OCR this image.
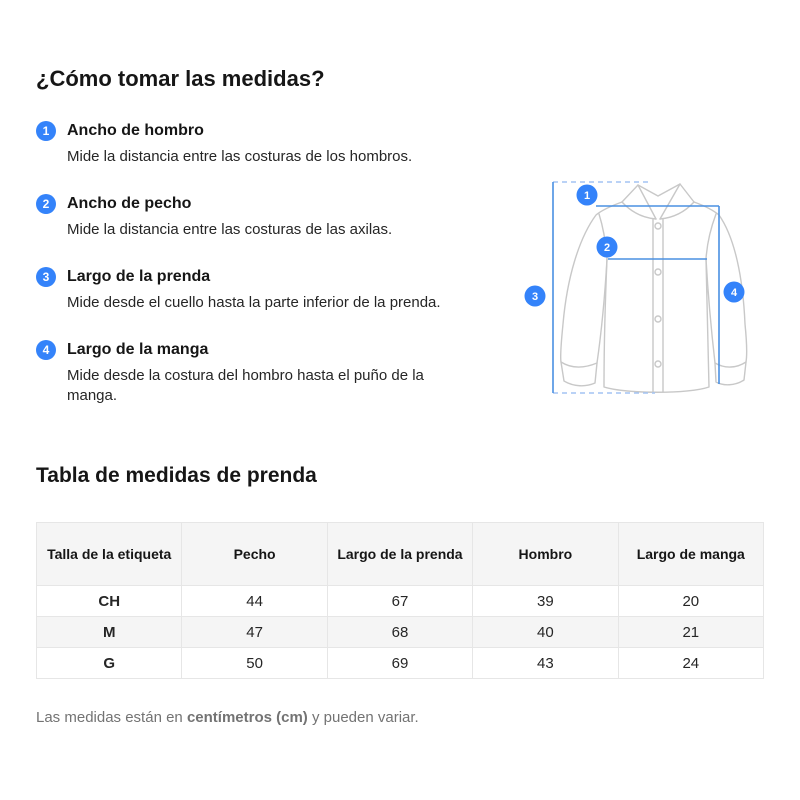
¿Cómo tomar las medidas?
1	Ancho de hombro

Mide la distancia entre las costuras de los hombros.

2	Ancho de pecho

Mide la distancia entre las costuras de las axilas.

3	Largo de la prenda

Mide desde el cuello hasta la parte inferior de la prenda.

4	Largo de la manga

Mide desde la costura del hombro hasta el puño de la manga.

1
2
3	4
Tabla de medidas de prenda
Talla de la etiqueta	Pecho	Largo de la prenda	Hombro	Largo de manga
CH	44	67	39	20
M	47	68	40	21
G	50	69	43	24

Las medidas están en centímetros (cm) y pueden variar.
